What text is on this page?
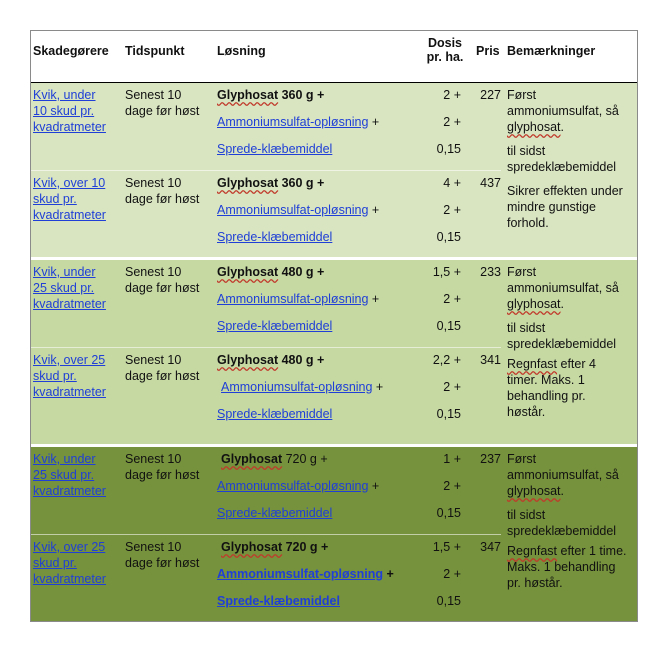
Skadegørere Tidspunkt	Løsning
Dosis
pr. ha. Pris Bemærkninger
Kvik, under
10 skud pr.
kvadratmeter
Senest 10
dage før høst
Glyphosat 360 g +
Ammoniumsulfat-opløsning +
Sprede-klæbemiddel
2 +
2 +
0,15
227
Kvik, over 10
skud pr.
kvadratmeter
Senest 10
dage før høst
Glyphosat 360 g +
Ammoniumsulfat-opløsning +
Sprede-klæbemiddel
4 +
2 +
0,15
437
Først
ammoniumsulfat, så
glyphosat.

til sidst
spredeklæbemiddel

Sikrer effekten under
mindre gunstige
forhold.
Kvik, under
25 skud pr.
kvadratmeter
Senest 10
dage før høst
Glyphosat 480 g +
Ammoniumsulfat-opløsning +
Sprede-klæbemiddel
1,5 +
2 +
0,15
233
Kvik, over 25
skud pr.
kvadratmeter
Senest 10
dage før høst
Glyphosat 480 g +
Ammoniumsulfat-opløsning +
Sprede-klæbemiddel
2,2 +
2 +
0,15
341
Først
ammoniumsulfat, så
glyphosat.

til sidst
spredeklæbemiddel

Regnfast efter 4
timer. Maks. 1
behandling pr.
høstår.
Kvik, under
25 skud pr.
kvadratmeter
Senest 10
dage før høst
Glyphosat 720 g +
Ammoniumsulfat-opløsning +
Sprede-klæbemiddel
1 +
2 +
0,15
237
Kvik, over 25
skud pr.
kvadratmeter
Senest 10
dage før høst
Glyphosat 720 g +
Ammoniumsulfat-opløsning +
Sprede-klæbemiddel
1,5 +
2 +
0,15
347
Først
ammoniumsulfat, så
glyphosat.

til sidst
spredeklæbemiddel

Regnfast efter 1 time.
Maks. 1 behandling
pr. høstår.
